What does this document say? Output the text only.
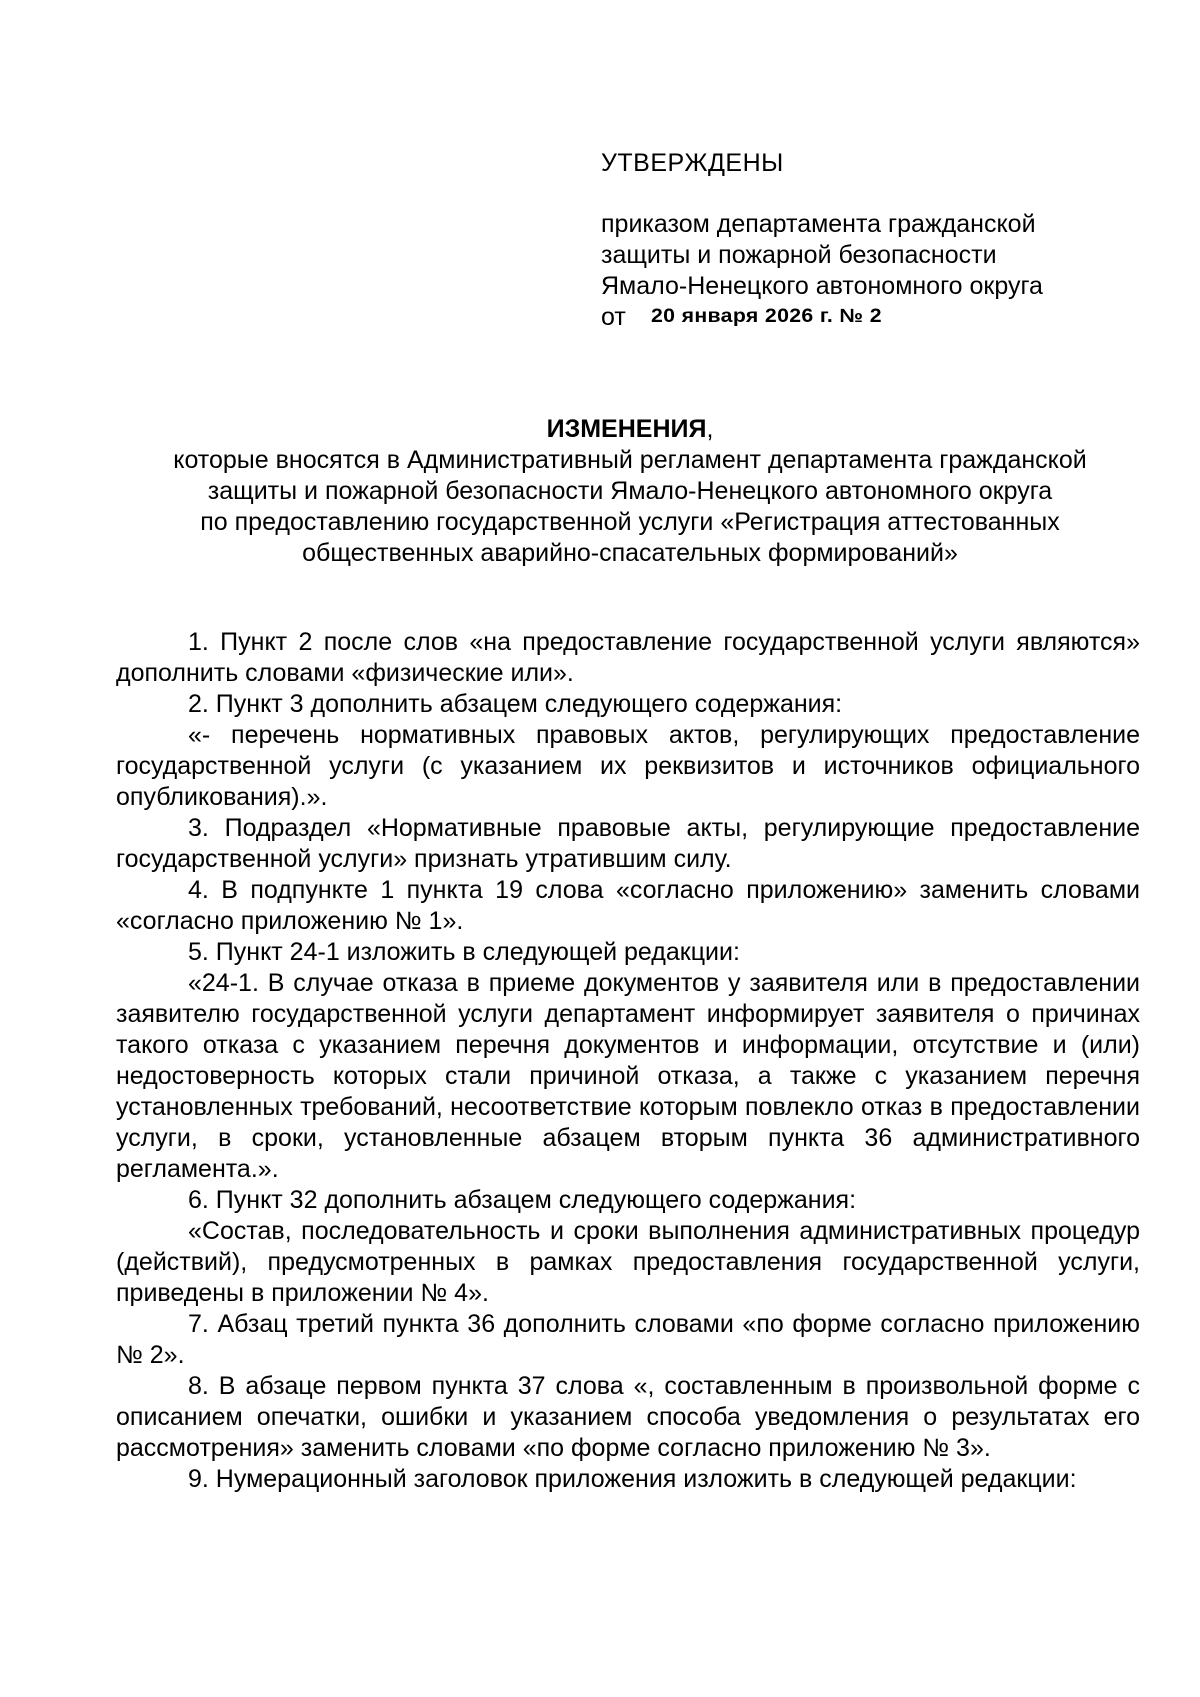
УТВЕРЖДЕНЫ
приказом департамента гражданской
защиты и пожарной безопасности
Ямало-Ненецкого автономного округа
от 20 января 2026 г. № 2
ИЗМЕНЕНИЯ,
которые вносятся в Административный регламент департамента гражданской
защиты и пожарной безопасности Ямало-Ненецкого автономного округа
по предоставлению государственной услуги «Регистрация аттестованных
общественных аварийно-спасательных формирований»

1. Пункт 2 после слов «на предоставление государственной услуги являются» дополнить словами «физические или».

2. Пункт 3 дополнить абзацем следующего содержания:

«- перечень нормативных правовых актов, регулирующих предоставление государственной услуги (с указанием их реквизитов и источников официального опубликования).».

3. Подраздел «Нормативные правовые акты, регулирующие предоставление государственной услуги» признать утратившим силу.

4. В подпункте 1 пункта 19 слова «согласно приложению» заменить словами «согласно приложению № 1».

5. Пункт 24-1 изложить в следующей редакции:

«24-1. В случае отказа в приеме документов у заявителя или в предоставлении заявителю государственной услуги департамент информирует заявителя о причинах такого отказа с указанием перечня документов и информации, отсутствие и (или) недостоверность которых стали причиной отказа, а также с указанием перечня установленных требований, несоответствие которым повлекло отказ в предоставлении услуги, в сроки, установленные абзацем вторым пункта 36 административного регламента.».

6. Пункт 32 дополнить абзацем следующего содержания:

«Состав, последовательность и сроки выполнения административных процедур (действий), предусмотренных в рамках предоставления государственной услуги, приведены в приложении № 4».

7. Абзац третий пункта 36 дополнить словами «по форме согласно приложению № 2».

8. В абзаце первом пункта 37 слова «, составленным в произвольной форме с описанием опечатки, ошибки и указанием способа уведомления о результатах его рассмотрения» заменить словами «по форме согласно приложению № 3».

9. Нумерационный заголовок приложения изложить в следующей редакции:
